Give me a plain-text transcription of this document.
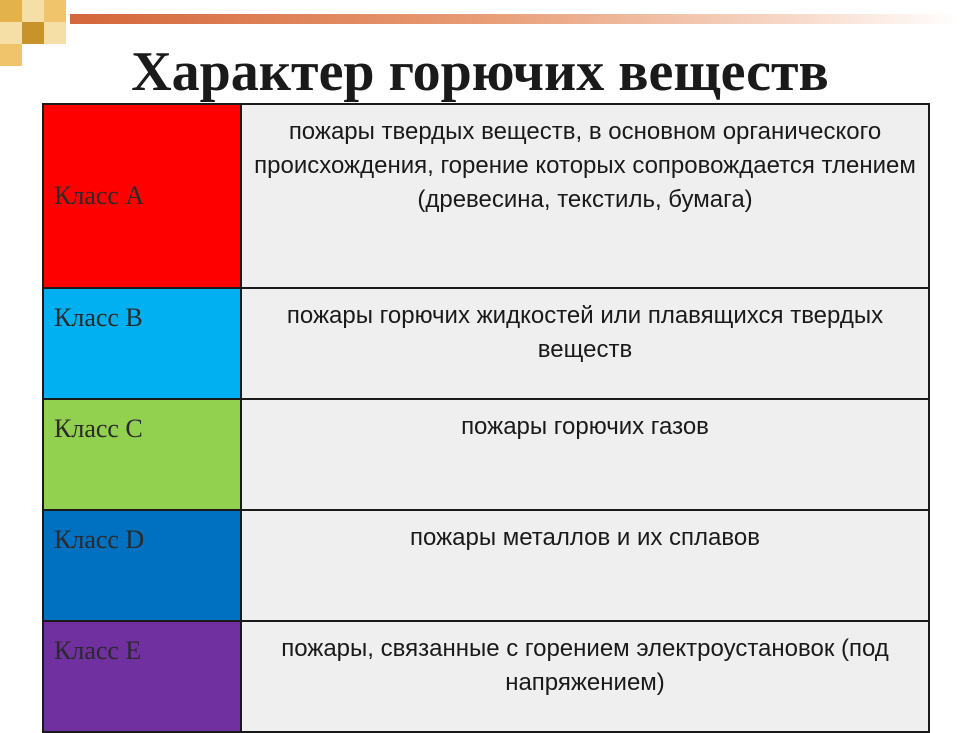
Характер горючих веществ
Класс А	пожары твердых веществ, в основном органического происхождения, горение которых сопровождается тлением (древесина, текстиль, бумага)

Класс В	пожары горючих жидкостей или плавящихся твердых веществ

Класс С	пожары горючих газов

Класс D	пожары металлов и их сплавов

Класс Е	пожары, связанные с горением электроустановок (под напряжением)
